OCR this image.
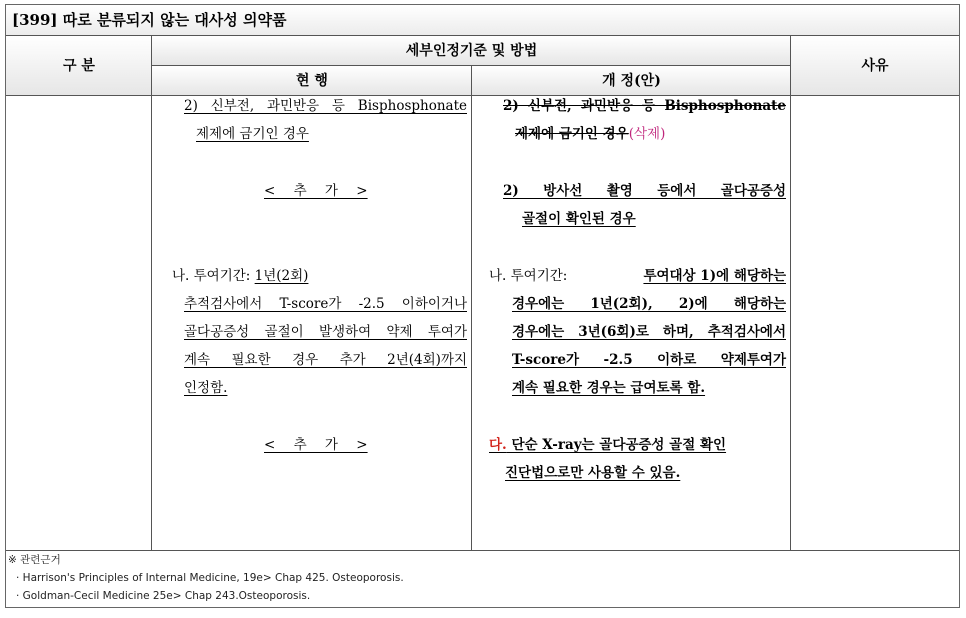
[399] 따로 분류되지 않는 대사성 의약품
구 분
세부인정기준 및 방법
현 행	개 정(안)
사유
2) 신부전, 과민반응 등 Bisphosphonate
제제에 금기인 경우
< 추 가 >
나. 투여기간: 1년(2회)
추적검사에서 T-score가 -2.5 이하이거나
골다공증성 골절이 발생하여 약제 투여가
계속 필요한 경우 추가 2년(4회)까지
인정함.
< 추 가 >
2) 신부전, 과민반응 등 Bisphosphonate
제제에 금기인 경우(삭제)
2) 방사선 촬영 등에서 골다공증성
골절이 확인된 경우
나. 투여기간:	투여대상 1)에 해당하는
경우에는 1년(2회), 2)에 해당하는
경우에는 3년(6회)로 하며, 추적검사에서
T-score가 -2.5 이하로 약제투여가
계속 필요한 경우는 급여토록 함.
다. 단순 X-ray는 골다공증성 골절 확인
진단법으로만 사용할 수 있음.
※ 관련근거
· Harrison's Principles of Internal Medicine, 19e> Chap 425. Osteoporosis.
· Goldman-Cecil Medicine 25e> Chap 243.Osteoporosis.
